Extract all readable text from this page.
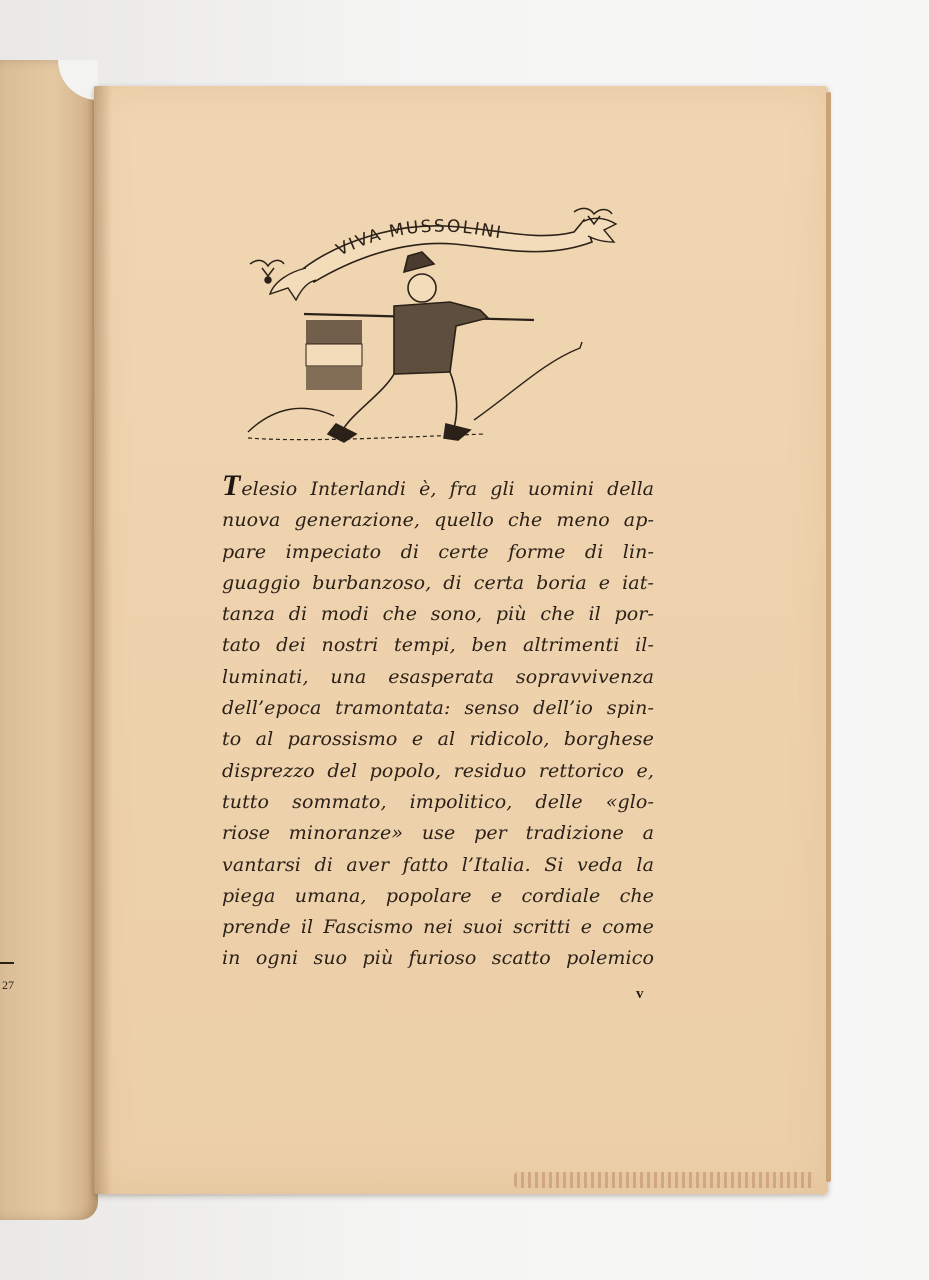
27
VIVA MUSSOLINI
Telesio Interlandi è, fra gli uomini della
nuova generazione, quello che meno ap-
pare impeciato di certe forme di lin-
guaggio burbanzoso, di certa boria e iat-
tanza di modi che sono, più che il por-
tato dei nostri tempi, ben altrimenti il-
luminati, una esasperata sopravvivenza
dell’epoca tramontata: senso dell’io spin-
to al parossismo e al ridicolo, borghese
disprezzo del popolo, residuo rettorico e,
tutto sommato, impolitico, delle «glo-
riose minoranze» use per tradizione a
vantarsi di aver fatto l’Italia. Si veda la
piega umana, popolare e cordiale che
prende il Fascismo nei suoi scritti e come
in ogni suo più furioso scatto polemico
v
